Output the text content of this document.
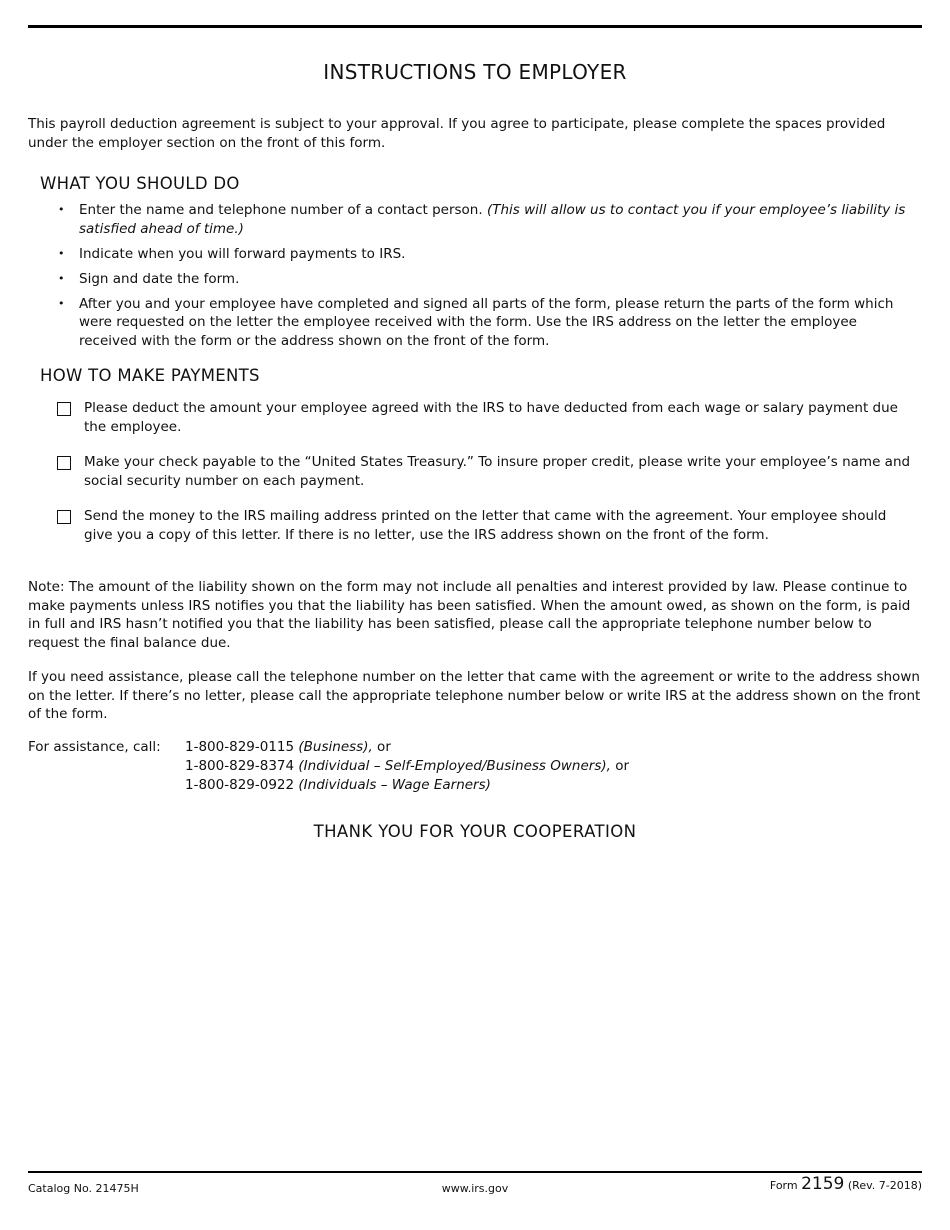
INSTRUCTIONS TO EMPLOYER
This payroll deduction agreement is subject to your approval. If you agree to participate, please complete the spaces provided under the employer section on the front of this form.
WHAT YOU SHOULD DO
• Enter the name and telephone number of a contact person. (This will allow us to contact you if your employee’s liability is satisfied ahead of time.)
• Indicate when you will forward payments to IRS.
• Sign and date the form.
• After you and your employee have completed and signed all parts of the form, please return the parts of the form which were requested on the letter the employee received with the form. Use the IRS address on the letter the employee received with the form or the address shown on the front of the form.
HOW TO MAKE PAYMENTS
Please deduct the amount your employee agreed with the IRS to have deducted from each wage or salary payment due the employee.
Make your check payable to the “United States Treasury.” To insure proper credit, please write your employee’s name and social security number on each payment.
Send the money to the IRS mailing address printed on the letter that came with the agreement. Your employee should give you a copy of this letter. If there is no letter, use the IRS address shown on the front of the form.
Note: The amount of the liability shown on the form may not include all penalties and interest provided by law. Please continue to make payments unless IRS notifies you that the liability has been satisfied. When the amount owed, as shown on the form, is paid in full and IRS hasn’t notified you that the liability has been satisfied, please call the appropriate telephone number below to request the final balance due.
If you need assistance, please call the telephone number on the letter that came with the agreement or write to the address shown on the letter. If there’s no letter, please call the appropriate telephone number below or write IRS at the address shown on the front of the form.
For assistance, call: 1-800-829-0115 (Business), or
1-800-829-8374 (Individual – Self-Employed/Business Owners), or
1-800-829-0922 (Individuals – Wage Earners)
THANK YOU FOR YOUR COOPERATION
Catalog No. 21475H	www.irs.gov	Form 2159 (Rev. 7-2018)
